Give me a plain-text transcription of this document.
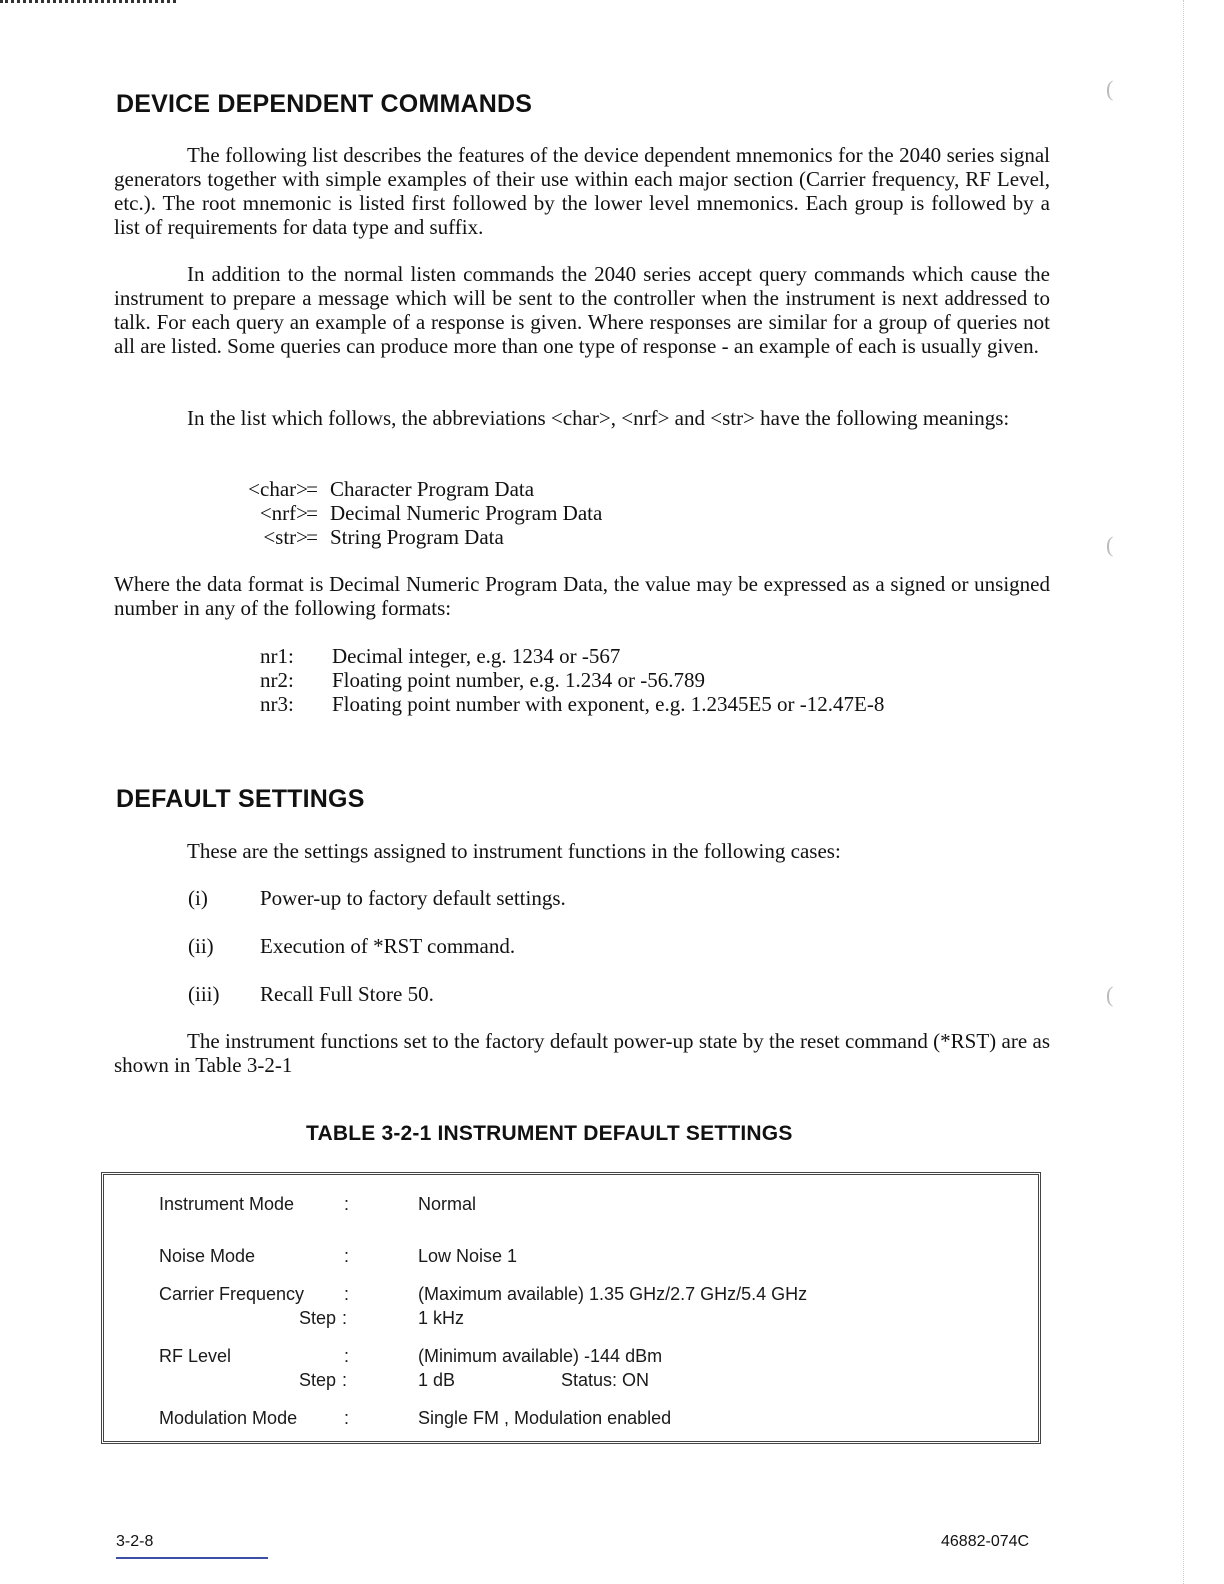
(
(
(
DEVICE DEPENDENT COMMANDS

The following list describes the features of the device dependent mnemonics for the 2040 series signal generators together with simple examples of their use within each major section (Carrier frequency, RF Level, etc.). The root mnemonic is listed first followed by the lower level mnemonics. Each group is followed by a list of requirements for data type and suffix.

In addition to the normal listen commands the 2040 series accept query commands which cause the instrument to prepare a message which will be sent to the controller when the instrument is next addressed to talk. For each query an example of a response is given. Where responses are similar for a group of queries not all are listed. Some queries can produce more than one type of response - an example of each is usually given.

In the list which follows, the abbreviations <char>, <nrf> and <str> have the following meanings:

<char>
= Character Program Data
<nrf>
= Decimal Numeric Program Data
<str>
= String Program Data

Where the data format is Decimal Numeric Program Data, the value may be expressed as a signed or unsigned number in any of the following formats:

nr1: Decimal integer, e.g. 1234 or -567
nr2: Floating point number, e.g. 1.234 or -56.789
nr3: Floating point number with exponent, e.g. 1.2345E5 or -12.47E-8
DEFAULT SETTINGS

These are the settings assigned to instrument functions in the following cases:

(i) Power-up to factory default settings.
(ii) Execution of *RST command.
(iii) Recall Full Store 50.

The instrument functions set to the factory default power-up state by the reset command (*RST) are as shown in Table 3-2-1

TABLE 3-2-1 INSTRUMENT DEFAULT SETTINGS
Instrument Mode	:	Normal
Noise Mode	:	Low Noise 1
Carrier Frequency :	(Maximum available) 1.35 GHz/2.7 GHz/5.4 GHz
Step :	1 kHz
RF Level	:	(Minimum available) -144 dBm
Step :	1 dB	Status: ON
Modulation Mode	:	Single FM , Modulation enabled
3-2-8	46882-074C
